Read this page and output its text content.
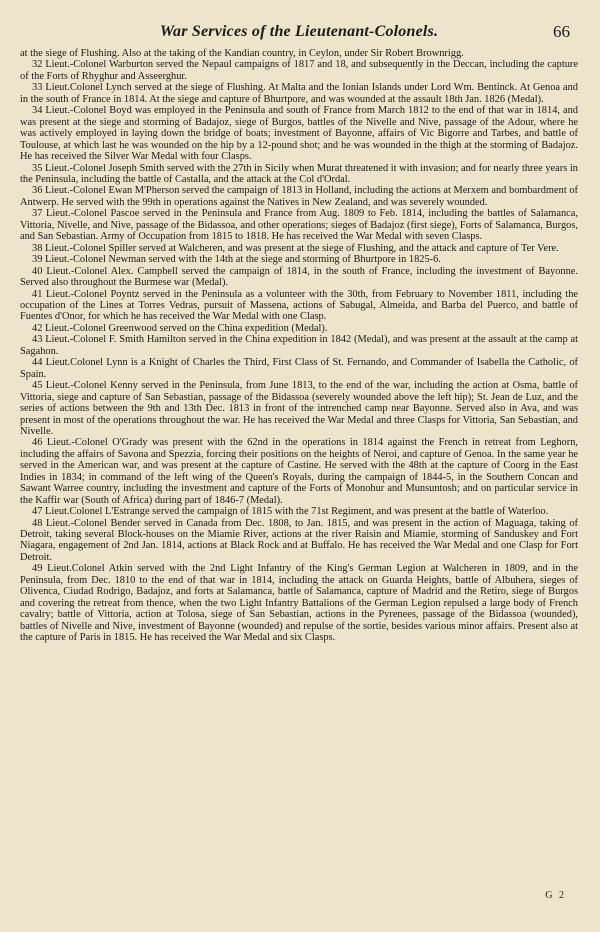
War Services of the Lieutenant-Colonels.	66

at the siege of Flushing. Also at the taking of the Kandian country, in Ceylon, under Sir Robert Brownrigg.

32 Lieut.-Colonel Warburton served the Nepaul campaigns of 1817 and 18, and subsequently in the Deccan, including the capture of the Forts of Rhyghur and Asseerghur.

33 Lieut.Colonel Lynch served at the siege of Flushing. At Malta and the Ionian Islands under Lord Wm. Bentinck. At Genoa and in the south of France in 1814. At the siege and capture of Bhurtpore, and was wounded at the assault 18th Jan. 1826 (Medal).

34 Lieut.-Colonel Boyd was employed in the Peninsula and south of France from March 1812 to the end of that war in 1814, and was present at the siege and storming of Badajoz, siege of Burgos, battles of the Nivelle and Nive, passage of the Adour, where he was actively employed in laying down the bridge of boats; investment of Bayonne, affairs of Vic Bigorre and Tarbes, and battle of Toulouse, at which last he was wounded on the hip by a 12-pound shot; and he was wounded in the thigh at the storming of Badajoz. He has received the Silver War Medal with four Clasps.

35 Lieut.-Colonel Joseph Smith served with the 27th in Sicily when Murat threatened it with invasion; and for nearly three years in the Peninsula, including the battle of Castalla, and the attack at the Col d'Ordal.

36 Lieut.-Colonel Ewan M'Pherson served the campaign of 1813 in Holland, including the actions at Merxem and bombardment of Antwerp. He served with the 99th in operations against the Natives in New Zealand, and was severely wounded.

37 Lieut.-Colonel Pascoe served in the Peninsula and France from Aug. 1809 to Feb. 1814, including the battles of Salamanca, Vittoria, Nivelle, and Nive, passage of the Bidassoa, and other operations; sieges of Badajoz (first siege), Forts of Salamanca, Burgos, and San Sebastian. Army of Occupation from 1815 to 1818. He has received the War Medal with seven Clasps.

38 Lieut.-Colonel Spiller served at Walcheren, and was present at the siege of Flushing, and the attack and capture of Ter Vere.

39 Lieut.-Colonel Newman served with the 14th at the siege and storming of Bhurtpore in 1825-6.

40 Lieut.-Colonel Alex. Campbell served the campaign of 1814, in the south of France, including the investment of Bayonne. Served also throughout the Burmese war (Medal).

41 Lieut.-Colonel Poyntz served in the Peninsula as a volunteer with the 30th, from February to November 1811, including the occupation of the Lines at Torres Vedras, pursuit of Massena, actions of Sabugal, Almeida, and Barba del Puerco, and battle of Fuentes d'Onor, for which he has received the War Medal with one Clasp.

42 Lieut.-Colonel Greenwood served on the China expedition (Medal).

43 Lieut.-Colonel F. Smith Hamilton served in the China expedition in 1842 (Medal), and was present at the assault at the camp at Sagahon.

44 Lieut.Colonel Lynn is a Knight of Charles the Third, First Class of St. Fernando, and Commander of Isabella the Catholic, of Spain.

45 Lieut.-Colonel Kenny served in the Peninsula, from June 1813, to the end of the war, including the action at Osma, battle of Vittoria, siege and capture of San Sebastian, passage of the Bidassoa (severely wounded above the left hip); St. Jean de Luz, and the series of actions between the 9th and 13th Dec. 1813 in front of the intrenched camp near Bayonne. Served also in Ava, and was present in most of the operations throughout the war. He has received the War Medal and three Clasps for Vittoria, San Sebastian, and Nivelle.

46 Lieut.-Colonel O'Grady was present with the 62nd in the operations in 1814 against the French in retreat from Leghorn, including the affairs of Savona and Spezzia, forcing their positions on the heights of Neroi, and capture of Genoa. In the same year he served in the American war, and was present at the capture of Castine. He served with the 48th at the capture of Coorg in the East Indies in 1834; in command of the left wing of the Queen's Royals, during the campaign of 1844-5, in the Southern Concan and Sawant Warree country, including the investment and capture of the Forts of Monohur and Munsuntosh; and on particular service in the Kaffir war (South of Africa) during part of 1846-7 (Medal).

47 Lieut.Colonel L'Estrange served the campaign of 1815 with the 71st Regiment, and was present at the battle of Waterloo.

48 Lieut.-Colonel Bender served in Canada from Dec. 1808, to Jan. 1815, and was present in the action of Maguaga, taking of Detroit, taking several Block-houses on the Miamie River, actions at the river Raisin and Miamie, storming of Sanduskey and Fort Niagara, engagement of 2nd Jan. 1814, actions at Black Rock and at Buffalo. He has received the War Medal and one Clasp for Fort Detroit.

49 Lieut.Colonel Atkin served with the 2nd Light Infantry of the King's German Legion at Walcheren in 1809, and in the Peninsula, from Dec. 1810 to the end of that war in 1814, including the attack on Guarda Heights, battle of Albuhera, sieges of Olivenca, Ciudad Rodrigo, Badajoz, and forts at Salamanca, battle of Salamanca, capture of Madrid and the Retiro, siege of Burgos and covering the retreat from thence, when the two Light Infantry Battalions of the German Legion repulsed a large body of French cavalry; battle of Vittoria, action at Tolosa, siege of San Sebastian, actions in the Pyrenees, passage of the Bidassoa (wounded), battles of Nivelle and Nive, investment of Bayonne (wounded) and repulse of the sortie, besides various minor affairs. Present also at the capture of Paris in 1815. He has received the War Medal and six Clasps.

G 2
